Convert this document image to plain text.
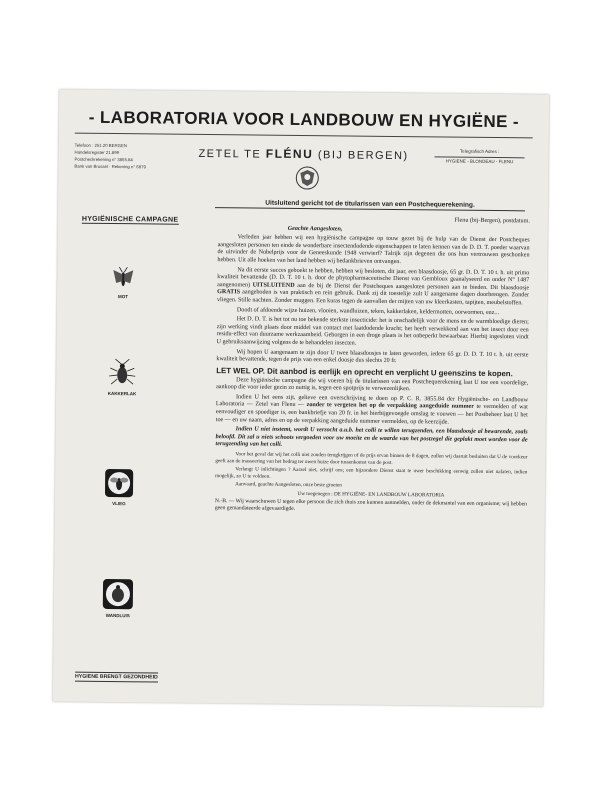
- LABORATORIA VOOR LANDBOUW EN HYGIËNE -
Telefoon : 251.20 BERGEN
Handelsregister 21.899
Postcheckrekening n° 3855.84
Bank van Brussel · Rekening n° 6879
ZETEL TE FLÉNU (BIJ BERGEN)	Telegrafisch Adres :
HYGIENE - BLONDEAU - FLENU
Uitsluitend gericht tot de titularissen van een Postchequerekening.
HYGIËNISCHE CAMPAGNE
MOT
KAKKERLAK
VLIEG
WANDLUIS
HYGIENE BRENGT GEZONDHEID
Flenu (bij-Bergen), postdatum.

Geachte Aangesloten,

Verleden jaar hebben wij een hygiënische campagne op touw gezet bij de hulp van de Dienst der Postcheques aangesloten personen ten einde de wonderbare insectendodende eigenschappen te laten kennen van de D. D. T. poeder waarvan de uitvinder de Nobelprijs voor de Geneeskunde 1948 verwierf? Talrijk zijn degenen die ons hun vertrouwen geschonken hebben. Uit alle hoeken van het land hebben wij bedankbrieven ontvangen.

Na dit eerste succes geboekt te hebben, hebben wij besloten, dit jaar, een blaasdoosje, 65 gr. D. D. T. 10 t. h. uit primo kwaliteit bevattende (D. D. T. 10 t. h. door de phytopharmaceutische Dienst van Gembloux geanalyseerd en onder N° 1487 aangenomen) UITSLUITEND aan de bij de Dienst der Postcheques aangesloten personen aan te bieden. Dit blaasdoosje GRATIS aangeboden is van praktisch en rein gebruik. Dank zij dit toestelije zult U aangename dagen doorbrengen. Zonder vliegen. Stille nachten. Zonder muggen. Een kuras tegen de aanvallen der mijten van uw kleerkasten, tapijten, meubelstoffen.

Doodt of afdoende wijze huizen, vlooien, wandluizen, teken, kakkerlaken, keldermotten, oorwormen, enz...

Het D. D. T. is het tot nu toe bekende sterkste insecticide: het is onschadelijk voor de mens en de warmbloedige dieren; zijn werking vindt plaats door middel van contact met laatdodende kracht; het heeft verwekkend aan van het insect door een residu-effect van duurzame werkzaamheid. Geborgen in een droge plaats is het onbeperkt bewaarbaar. Hierbij ingesloten vindt U gebruiksaanwijzing volgens de te behandelen insecten.

Wij hopen U aangenaam te zijn door U twee blaasdoosjes te laten geworden, iedere 65 gr. D. D. T. 10 t. h. uit eerste kwaliteit bevattende, tegen de prijs van een enkel doosje dus slechts 20 fr.

LET WEL OP. Dit aanbod is eerlijk en oprecht en verplicht U geenszins te kopen.

Deze hygiënische campagne die wij voeren bij de titularissen van een Postchequerekening laat U toe een voordelige, aankoop die voor ieder gezin zo nuttig is, tegen een spotprijs te verwezenlijken.

Indien U het eens zijt, gelieve een overschrijving te doen op P. C. R. 3855.84 der Hygiënische- en Landbouw Laboratoria — Zetel van Flenu — zonder te vergeten het op de verpakking aangeduide nummer te vermelden of wat eenvoudiger en spoediger is, een bankbriefje van 20 fr. in het hierbijgevoegde omslag te vouwen — het Postbeheer laat U het toe — en uw naam, adres en op de verpakking aangeduide nummer vermelden, op de keerzijde.

Indien U niet instemt, wordt U verzocht a.u.b. het colli te willen terugzenden, een blaasdoosje al bewarende, zoals beloofd. Dit zal u niets schoots vergoeden voor uw moeite en de waarde van het postzegel die geplakt moet worden voor de terugzending van het colli.

Voor het geval dat wij het colli niet zouden terugkrijgen of de prijs ervan binnen de 8 dagen, zullen wij daaruit besluiten dat U de voorkeur geeft aan de inasseering van het bedrag ter uwen huize door tussenkomst van de post.

Verlangt U inlichtingen ? Aarzel niet, schrijf ons; een bijzondere Dienst staat te uwer beschikking eenwig zullen niet nalaten, indien mogelijk, zo U te voldoen.

Aanvaard, geachte Aangesloten, onze beste groeten

Uw toegenegen : DE HYGIËNE- EN LANDBOUW LABORATORIA

N.-B. — Wij waarschuwen U tegen elke persoon die zich thuis zou kunnen aanmelden, onder de dekmantel van een organisme; wij hebben geen gemandateerde afgevaardigde.
